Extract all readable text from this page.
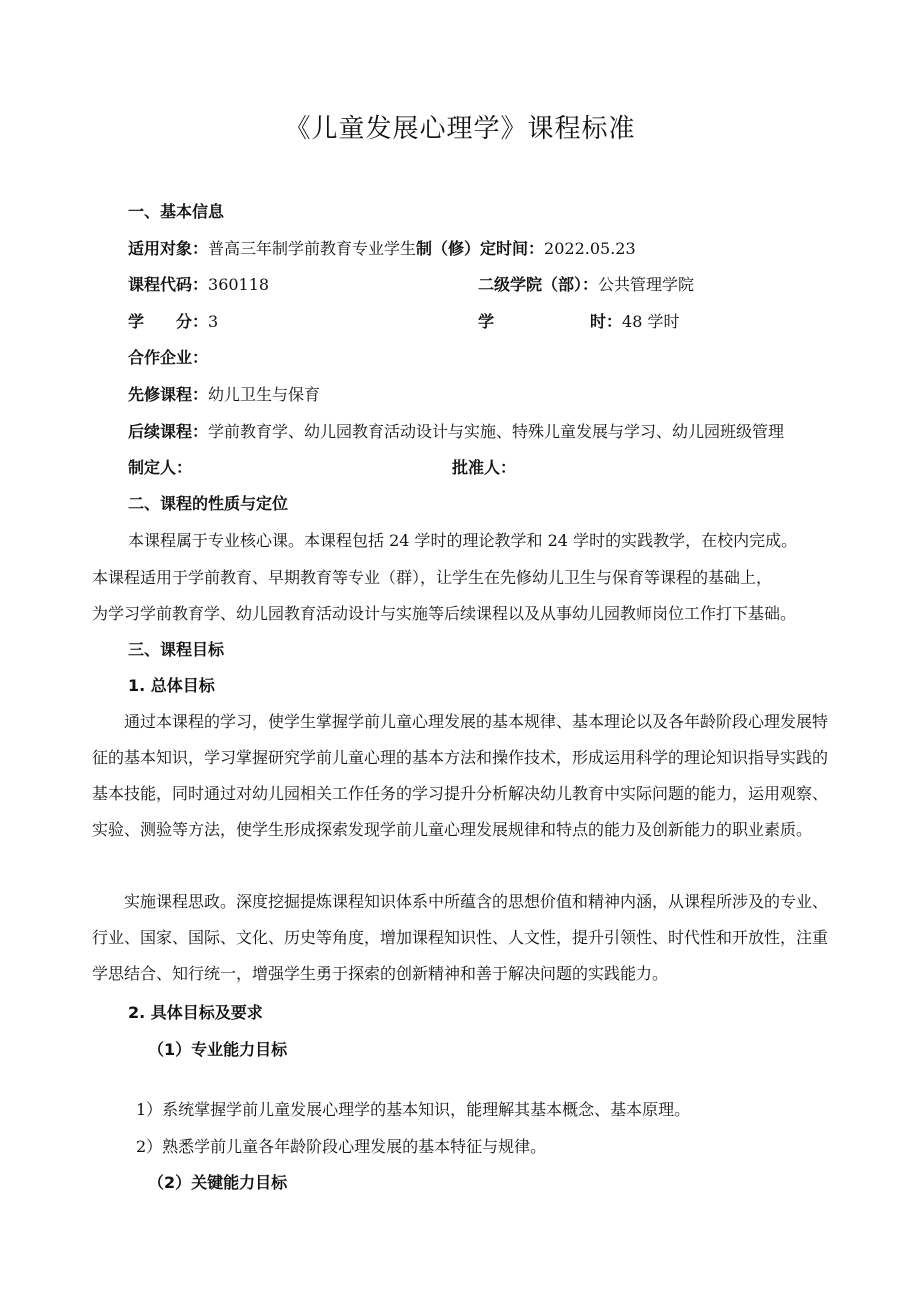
《儿童发展心理学》课程标准
一、基本信息
适用对象：普高三年制学前教育专业学生制（修）定时间：2022.05.23
课程代码：360118	二级学院（部）：公共管理学院
学　　分：3	学	时：48 学时
合作企业：
先修课程：幼儿卫生与保育
后续课程：学前教育学、幼儿园教育活动设计与实施、特殊儿童发展与学习、幼儿园班级管理
制定人：	批准人：
二、课程的性质与定位
本课程属于专业核心课。本课程包括 24 学时的理论教学和 24 学时的实践教学，在校内完成。
本课程适用于学前教育、早期教育等专业（群），让学生在先修幼儿卫生与保育等课程的基础上，
为学习学前教育学、幼儿园教育活动设计与实施等后续课程以及从事幼儿园教师岗位工作打下基础。
三、课程目标
1. 总体目标
通过本课程的学习，使学生掌握学前儿童心理发展的基本规律、基本理论以及各年龄阶段心理发展特征的基本知识，学习掌握研究学前儿童心理的基本方法和操作技术，形成运用科学的理论知识指导实践的基本技能，同时通过对幼儿园相关工作任务的学习提升分析解决幼儿教育中实际问题的能力，运用观察、实验、测验等方法，使学生形成探索发现学前儿童心理发展规律和特点的能力及创新能力的职业素质。
实施课程思政。深度挖掘提炼课程知识体系中所蕴含的思想价值和精神内涵，从课程所涉及的专业、行业、国家、国际、文化、历史等角度，增加课程知识性、人文性，提升引领性、时代性和开放性，注重学思结合、知行统一，增强学生勇于探索的创新精神和善于解决问题的实践能力。
2. 具体目标及要求
（1）专业能力目标
1）系统掌握学前儿童发展心理学的基本知识，能理解其基本概念、基本原理。
2）熟悉学前儿童各年龄阶段心理发展的基本特征与规律。
（2）关键能力目标
